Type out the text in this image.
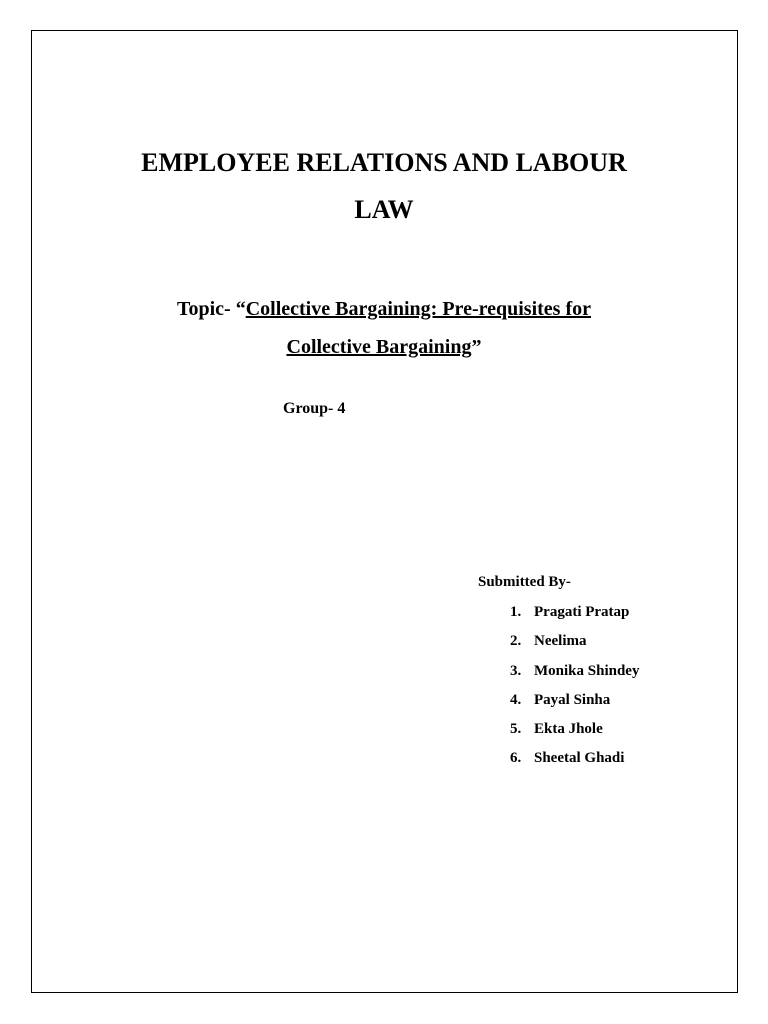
EMPLOYEE RELATIONS AND LABOUR
LAW
Topic- “Collective Bargaining: Pre-requisites for
Collective Bargaining”
Group- 4
Submitted By-
1. Pragati Pratap
2. Neelima
3. Monika Shindey
4. Payal Sinha
5. Ekta Jhole
6. Sheetal Ghadi
